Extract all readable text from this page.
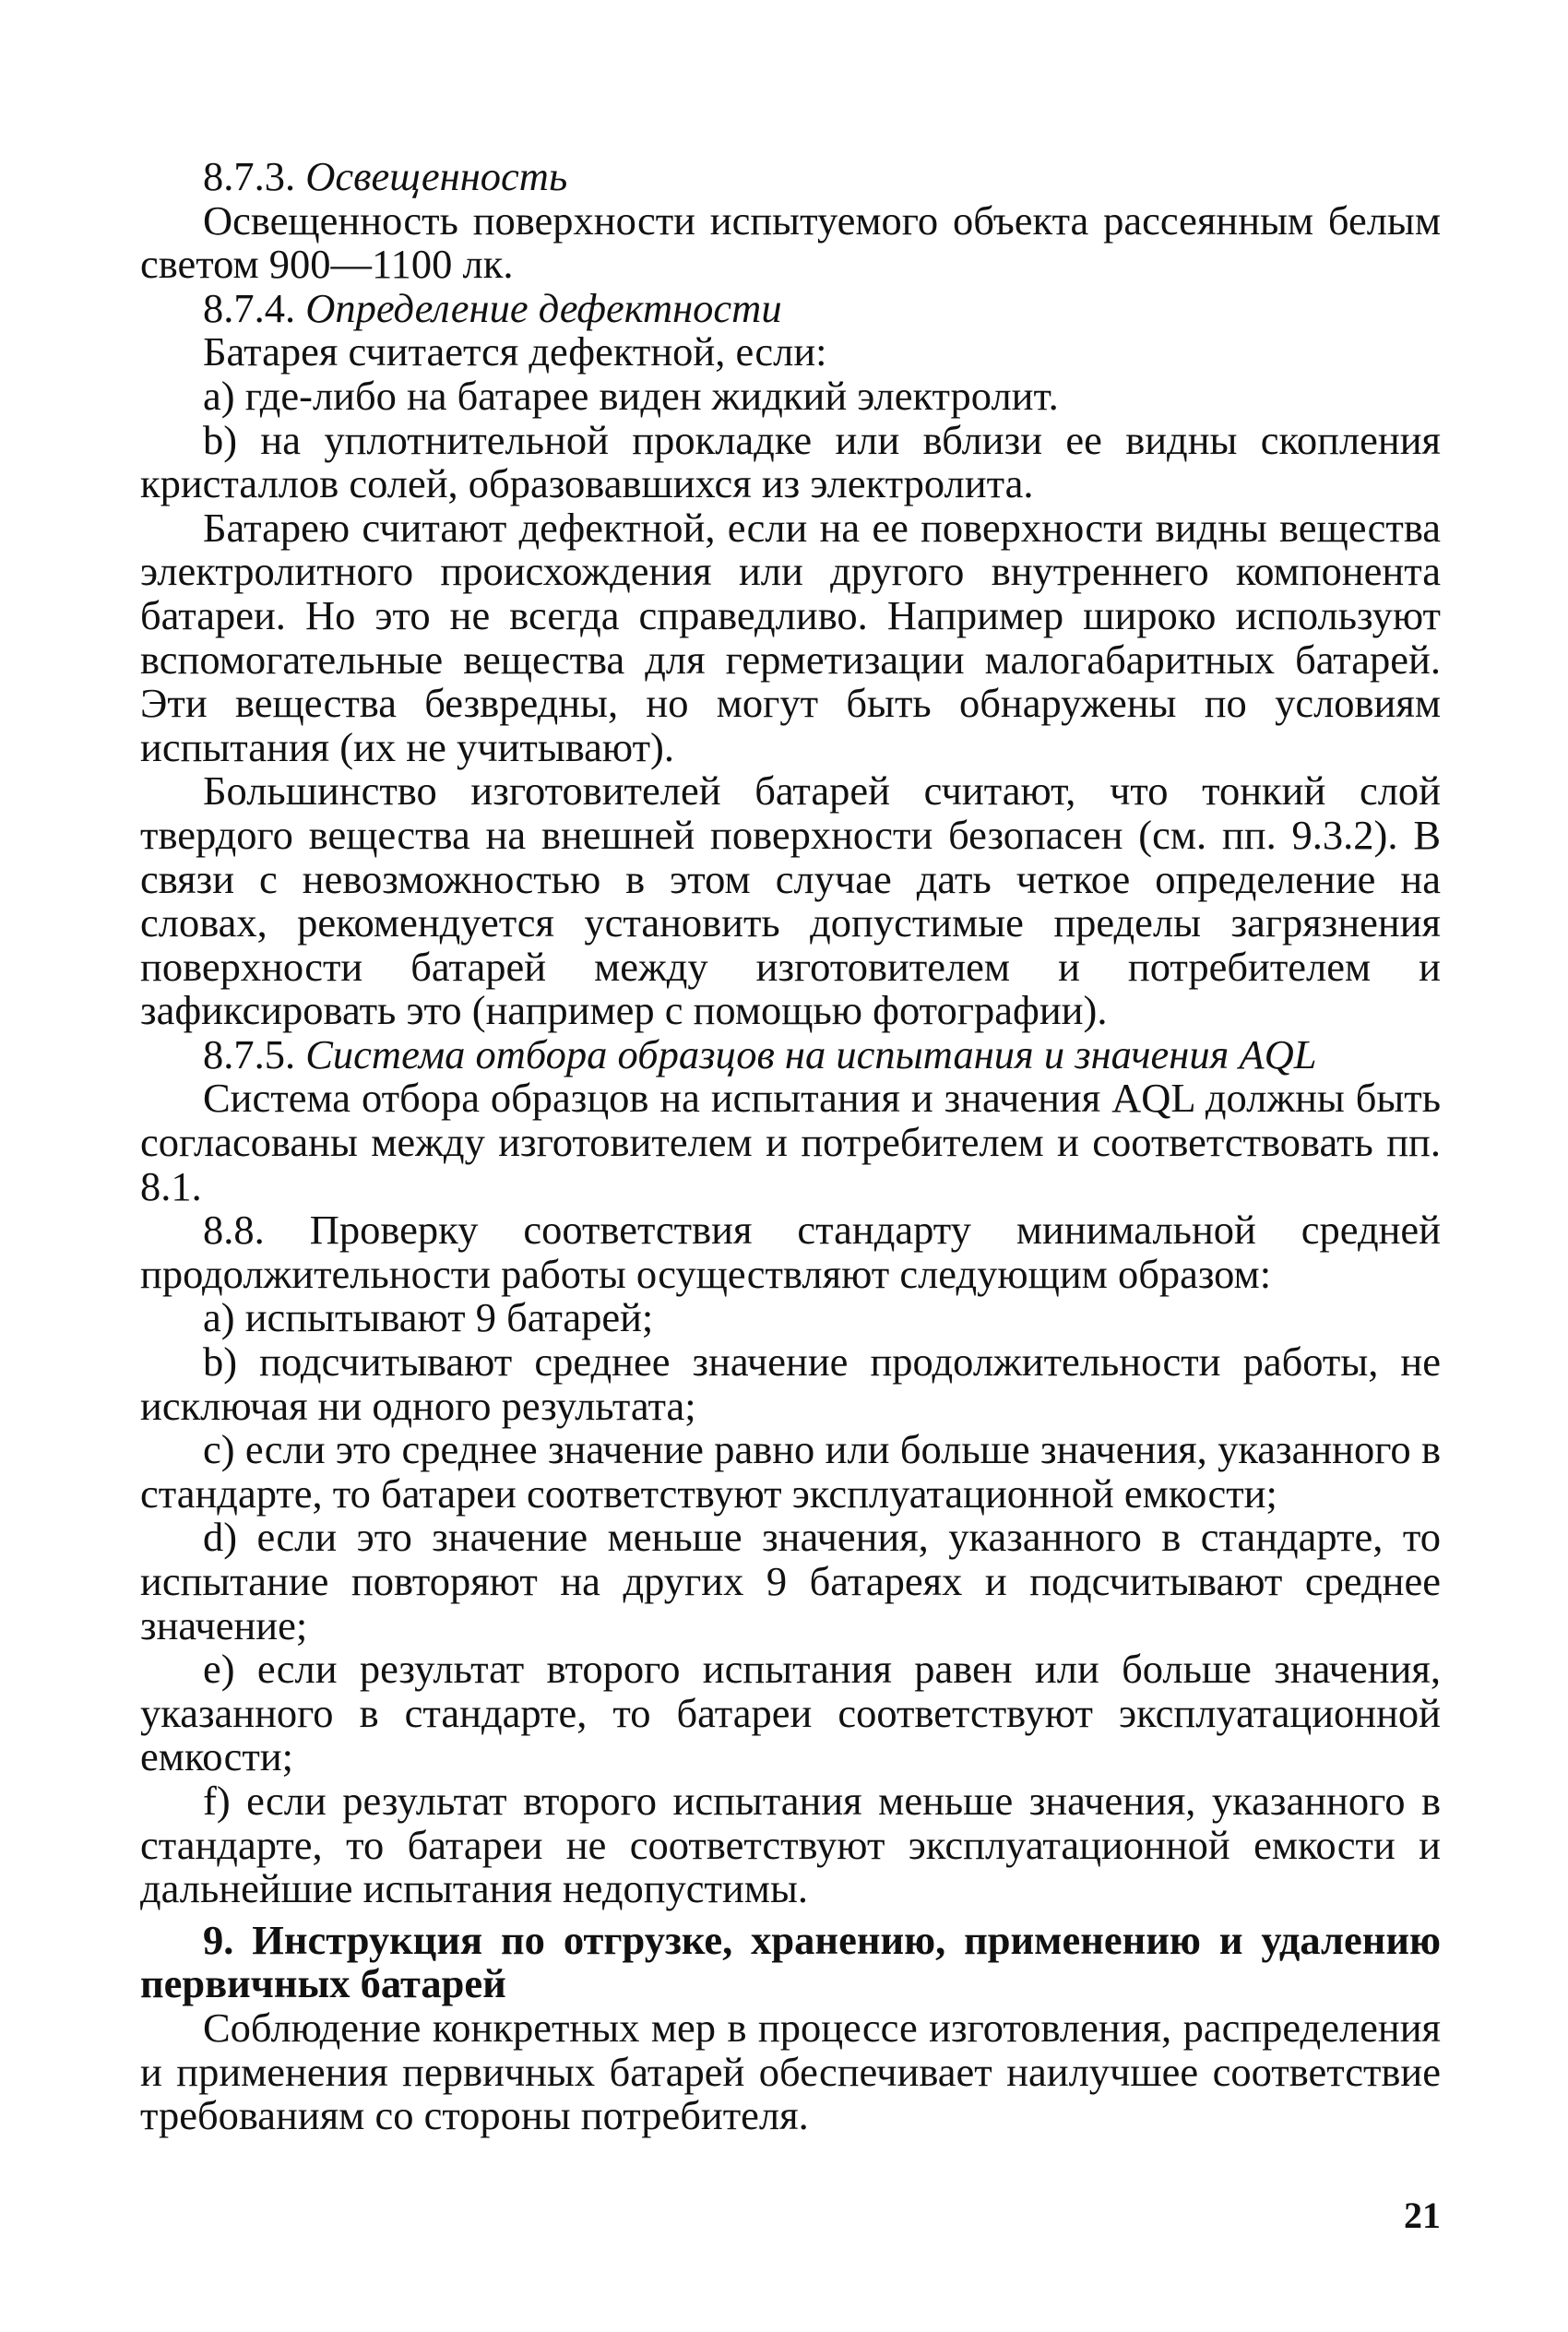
8.7.3. Освещенность

Освещенность поверхности испытуемого объекта рассеянным белым светом 900—1100 лк.

8.7.4. Определение дефектности

Батарея считается дефектной, если:

а) где-либо на батарее виден жидкий электролит.

b) на уплотнительной прокладке или вблизи ее видны скопления кристаллов солей, образовавшихся из электролита.

Батарею считают дефектной, если на ее поверхности видны вещества электролитного происхождения или другого внутреннего компонента батареи. Но это не всегда справедливо. Например широко используют вспомогательные вещества для герметизации малогабаритных батарей. Эти вещества безвредны, но могут быть обнаружены по условиям испытания (их не учитывают).

Большинство изготовителей батарей считают, что тонкий слой твердого вещества на внешней поверхности безопасен (см. пп. 9.3.2). В связи с невозможностью в этом случае дать четкое определение на словах, рекомендуется установить допустимые пределы загрязнения поверхности батарей между изготовителем и потребителем и зафиксировать это (например с помощью фотографии).

8.7.5. Система отбора образцов на испытания и значения AQL

Система отбора образцов на испытания и значения AQL должны быть согласованы между изготовителем и потребителем и соответствовать пп. 8.1.

8.8. Проверку соответствия стандарту минимальной средней продолжительности работы осуществляют следующим образом:

а) испытывают 9 батарей;

b) подсчитывают среднее значение продолжительности работы, не исключая ни одного результата;

с) если это среднее значение равно или больше значения, указанного в стандарте, то батареи соответствуют эксплуатационной емкости;

d) если это значение меньше значения, указанного в стандарте, то испытание повторяют на других 9 батареях и подсчитывают среднее значение;

е) если результат второго испытания равен или больше значения, указанного в стандарте, то батареи соответствуют эксплуатационной емкости;

f) если результат второго испытания меньше значения, указанного в стандарте, то батареи не соответствуют эксплуатационной емкости и дальнейшие испытания недопустимы.

9. Инструкция по отгрузке, хранению, применению и удалению первичных батарей

Соблюдение конкретных мер в процессе изготовления, распределения и применения первичных батарей обеспечивает наилучшее соответствие требованиям со стороны потребителя.

21
